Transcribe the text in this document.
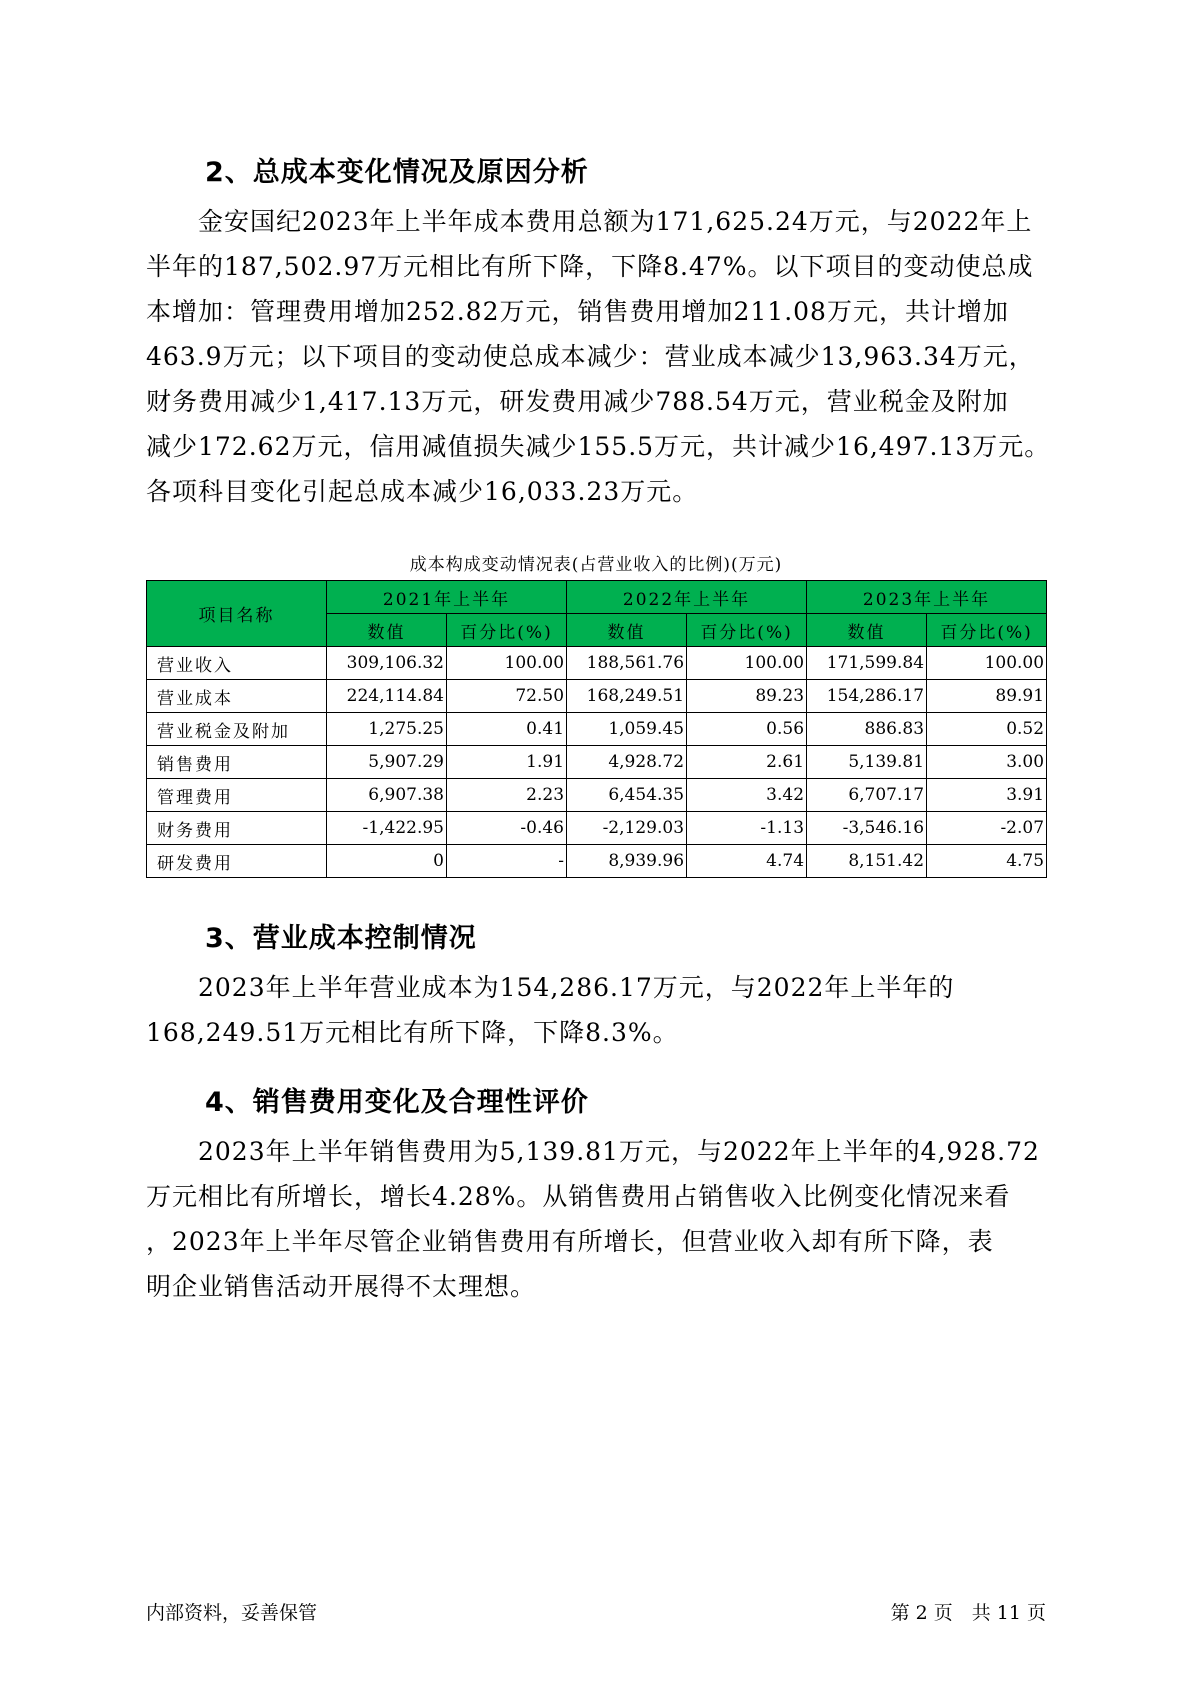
2、总成本变化情况及原因分析
　　金安国纪2023年上半年成本费用总额为171,625.24万元，与2022年上
半年的187,502.97万元相比有所下降，下降8.47%。以下项目的变动使总成
本增加：管理费用增加252.82万元，销售费用增加211.08万元，共计增加
463.9万元；以下项目的变动使总成本减少：营业成本减少13,963.34万元，
财务费用减少1,417.13万元，研发费用减少788.54万元，营业税金及附加
减少172.62万元，信用减值损失减少155.5万元，共计减少16,497.13万元。
各项科目变化引起总成本减少16,033.23万元。
成本构成变动情况表(占营业收入的比例)(万元)
项目名称	2021年上半年		2022年上半年		2023年上半年	
	数值	百分比(%)	数值	百分比(%)	数值	百分比(%)
营业收入	309,106.32	100.00	188,561.76	100.00	171,599.84	100.00
营业成本	224,114.84	72.50	168,249.51	89.23	154,286.17	89.91
营业税金及附加	1,275.25	0.41	1,059.45	0.56	886.83	0.52
销售费用	5,907.29	1.91	4,928.72	2.61	5,139.81	3.00
管理费用	6,907.38	2.23	6,454.35	3.42	6,707.17	3.91
财务费用	-1,422.95	-0.46	-2,129.03	-1.13	-3,546.16	-2.07
研发费用	0	-	8,939.96	4.74	8,151.42	4.75
3、营业成本控制情况
　　2023年上半年营业成本为154,286.17万元，与2022年上半年的
168,249.51万元相比有所下降，下降8.3%。
4、销售费用变化及合理性评价
　　2023年上半年销售费用为5,139.81万元，与2022年上半年的4,928.72
万元相比有所增长，增长4.28%。从销售费用占销售收入比例变化情况来看
，2023年上半年尽管企业销售费用有所增长，但营业收入却有所下降，表
明企业销售活动开展得不太理想。
内部资料，妥善保管	第 2 页　共 11 页
